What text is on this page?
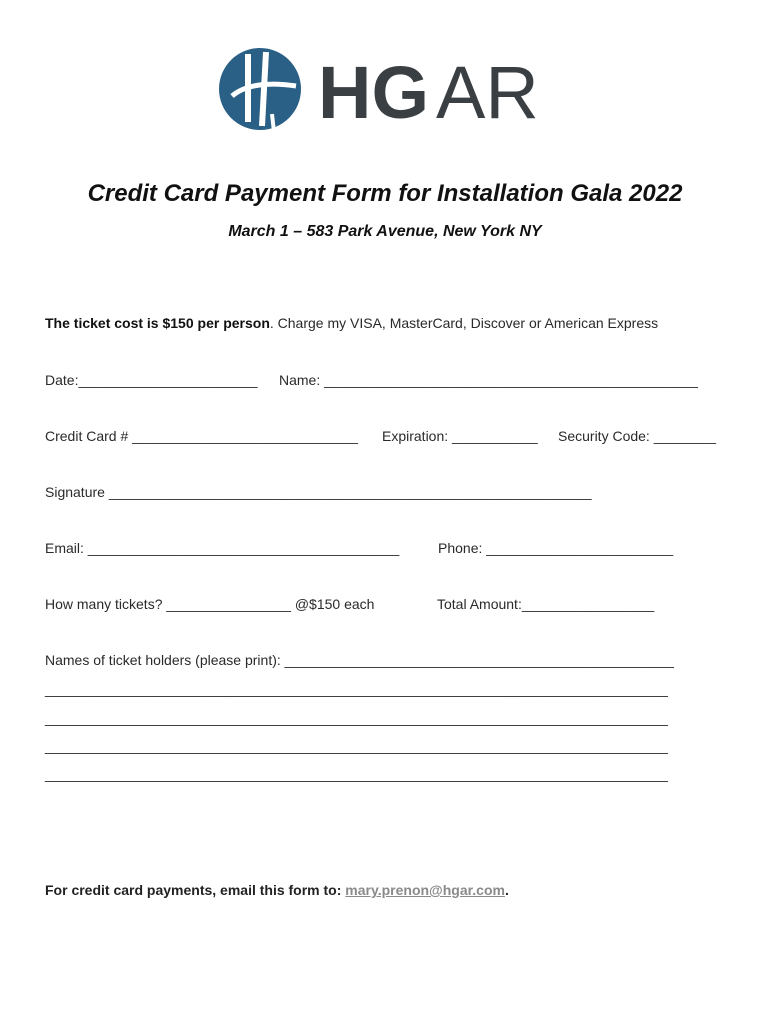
HG AR
Credit Card Payment Form for Installation Gala 2022
March 1 – 583 Park Avenue, New York NY
The ticket cost is $150 per person. Charge my VISA, MasterCard, Discover or American Express
Date:_______________________ Name: ________________________________________________
Credit Card # _____________________________ Expiration: ___________ Security Code: ________
Signature ______________________________________________________________
Email: ________________________________________	Phone: ________________________
How many tickets? ________________ @$150 each	Total Amount:_________________
Names of ticket holders (please print): __________________________________________________
________________________________________________________________________________
________________________________________________________________________________
________________________________________________________________________________
________________________________________________________________________________
For credit card payments, email this form to: mary.prenon@hgar.com.
